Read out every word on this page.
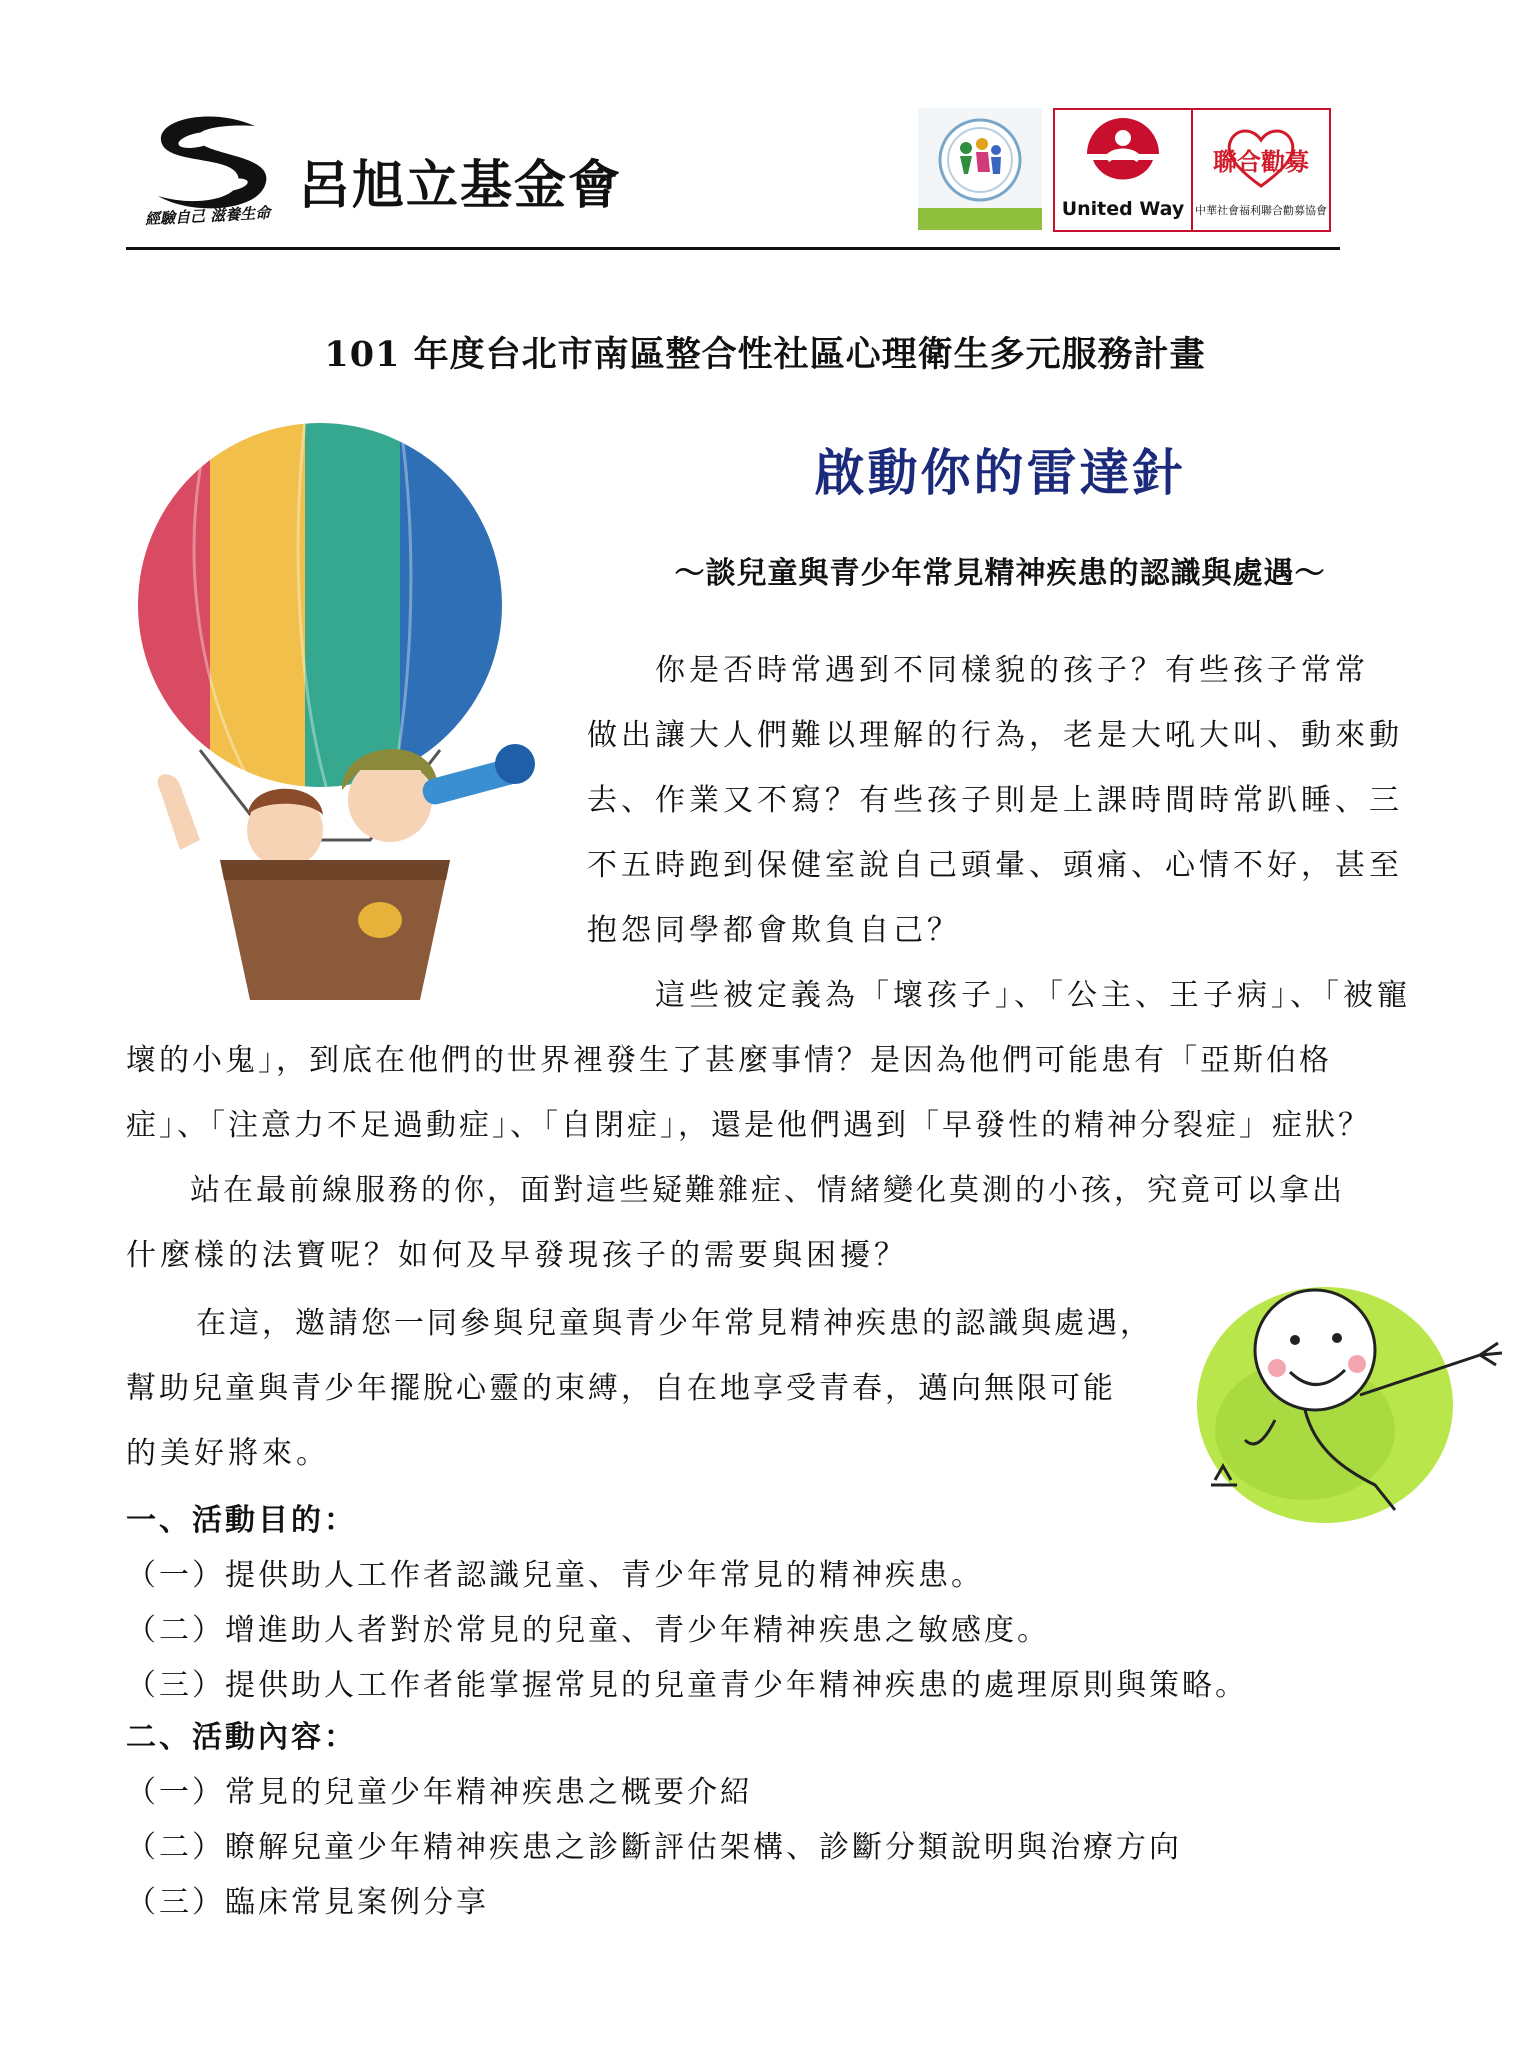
呂旭立基金會
經驗自己 滋養生命	United Way
聯合勸募
中華社會福利聯合勸募協會
101 年度台北市南區整合性社區心理衛生多元服務計畫
啟動你的雷達針
～談兒童與青少年常見精神疾患的認識與處遇～
你是否時常遇到不同樣貌的孩子？有些孩子常常
做出讓大人們難以理解的行為，老是大吼大叫、動來動
去、作業又不寫？有些孩子則是上課時間時常趴睡、三
不五時跑到保健室說自己頭暈、頭痛、心情不好，甚至
抱怨同學都會欺負自己？
這些被定義為「壞孩子」、「公主、王子病」、「被寵
壞的小鬼」，到底在他們的世界裡發生了甚麼事情？是因為他們可能患有「亞斯伯格
症」、「注意力不足過動症」、「自閉症」，還是他們遇到「早發性的精神分裂症」症狀？
站在最前線服務的你，面對這些疑難雜症、情緒變化莫測的小孩，究竟可以拿出
什麼樣的法寶呢？如何及早發現孩子的需要與困擾？
在這，邀請您一同參與兒童與青少年常見精神疾患的認識與處遇，
幫助兒童與青少年擺脫心靈的束縛，自在地享受青春，邁向無限可能
的美好將來。
一、活動目的：
（一）提供助人工作者認識兒童、青少年常見的精神疾患。
（二）增進助人者對於常見的兒童、青少年精神疾患之敏感度。
（三）提供助人工作者能掌握常見的兒童青少年精神疾患的處理原則與策略。
二、活動內容：
（一）常見的兒童少年精神疾患之概要介紹
（二）瞭解兒童少年精神疾患之診斷評估架構、診斷分類說明與治療方向
（三）臨床常見案例分享
